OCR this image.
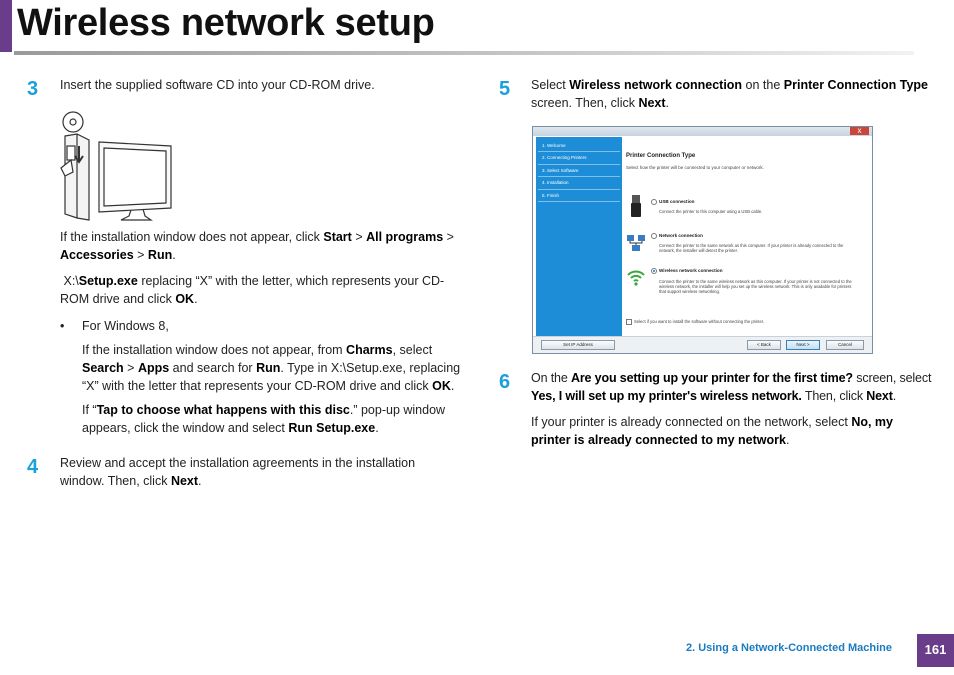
Wireless network setup
3 Insert the supplied software CD into your CD-ROM drive.
If the installation window does not appear, click Start > All programs > Accessories > Run.
X:\Setup.exe replacing “X” with the letter, which represents your CD-ROM drive and click OK.
• For Windows 8,
If the installation window does not appear, from Charms, select Search > Apps and search for Run. Type in X:\Setup.exe, replacing “X” with the letter that represents your CD-ROM drive and click OK.
If “Tap to choose what happens with this disc.” pop-up window appears, click the window and select Run Setup.exe.
4 Review and accept the installation agreements in the installation window. Then, click Next.
5 Select Wireless network connection on the Printer Connection Type screen. Then, click Next.
x
1. Welcome
2. Connecting Printers
3. Select Software
4. Installation
5. Finish
Printer Connection Type
Select how the printer will be connected to your computer or network.
USB connection
Connect the printer to this computer using a USB cable.
Network connection
Connect the printer to the same network as this computer. If your printer is already connected to the network, the installer will detect the printer.
Wireless network connection
Connect the printer to the same wireless network as this computer. If your printer is not connected to the wireless network, the installer will help you set up the wireless network. This is only available for printers that support wireless networking.
Select if you want to install the software without connecting the printer.
Set IP Address	< Back	Next >	Cancel
6 On the Are you setting up your printer for the first time? screen, select Yes, I will set up my printer's wireless network. Then, click Next.
If your printer is already connected on the network, select No, my printer is already connected to my network.
2. Using a Network-Connected Machine	161
